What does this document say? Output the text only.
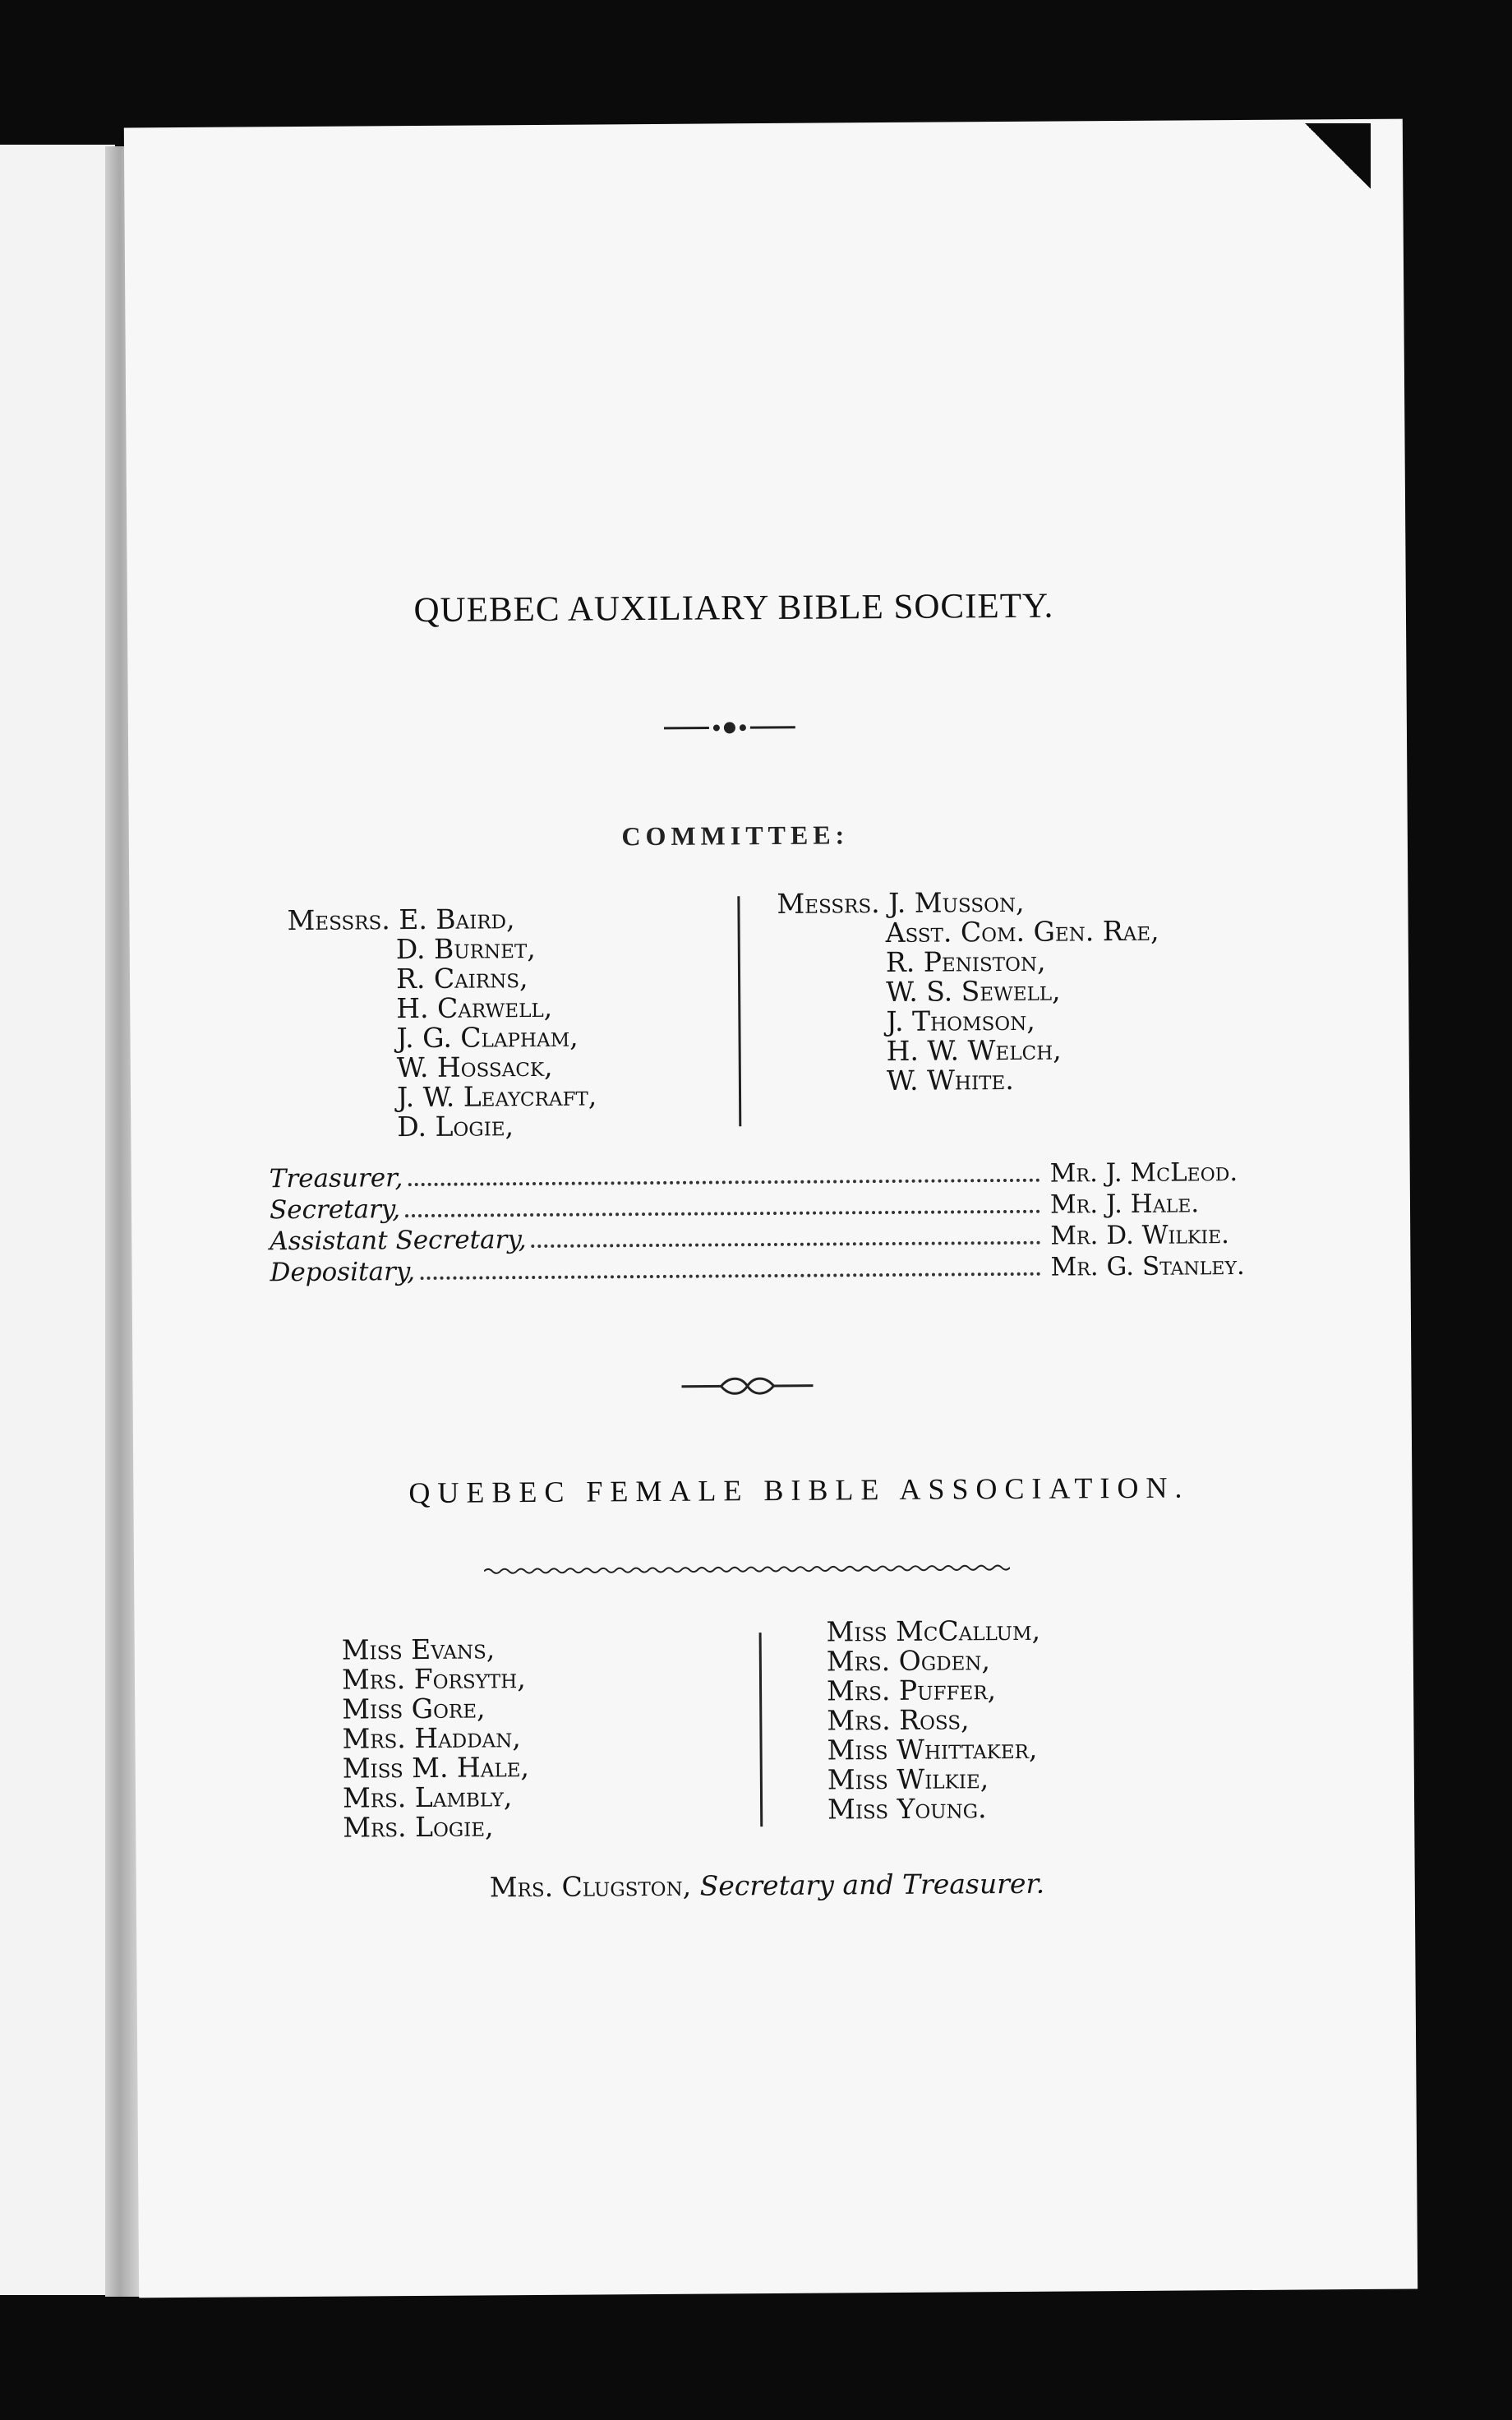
QUEBEC AUXILIARY BIBLE SOCIETY.
COMMITTEE:
Messrs. E. Baird,
D. Burnet,
R. Cairns,
H. Carwell,
J. G. Clapham,
W. Hossack,
J. W. Leaycraft,
D. Logie,
Messrs. J. Musson,
Asst. Com. Gen. Rae,
R. Peniston,
W. S. Sewell,
J. Thomson,
H. W. Welch,
W. White.
Treasurer,	Mr. J. McLeod.
Secretary,	Mr. J. Hale.
Assistant Secretary,	Mr. D. Wilkie.
Depositary,	Mr. G. Stanley.
QUEBEC FEMALE BIBLE ASSOCIATION.
Miss Evans,
Mrs. Forsyth,
Miss Gore,
Mrs. Haddan,
Miss M. Hale,
Mrs. Lambly,
Mrs. Logie,
Miss McCallum,
Mrs. Ogden,
Mrs. Puffer,
Mrs. Ross,
Miss Whittaker,
Miss Wilkie,
Miss Young.
Mrs. Clugston, Secretary and Treasurer.
